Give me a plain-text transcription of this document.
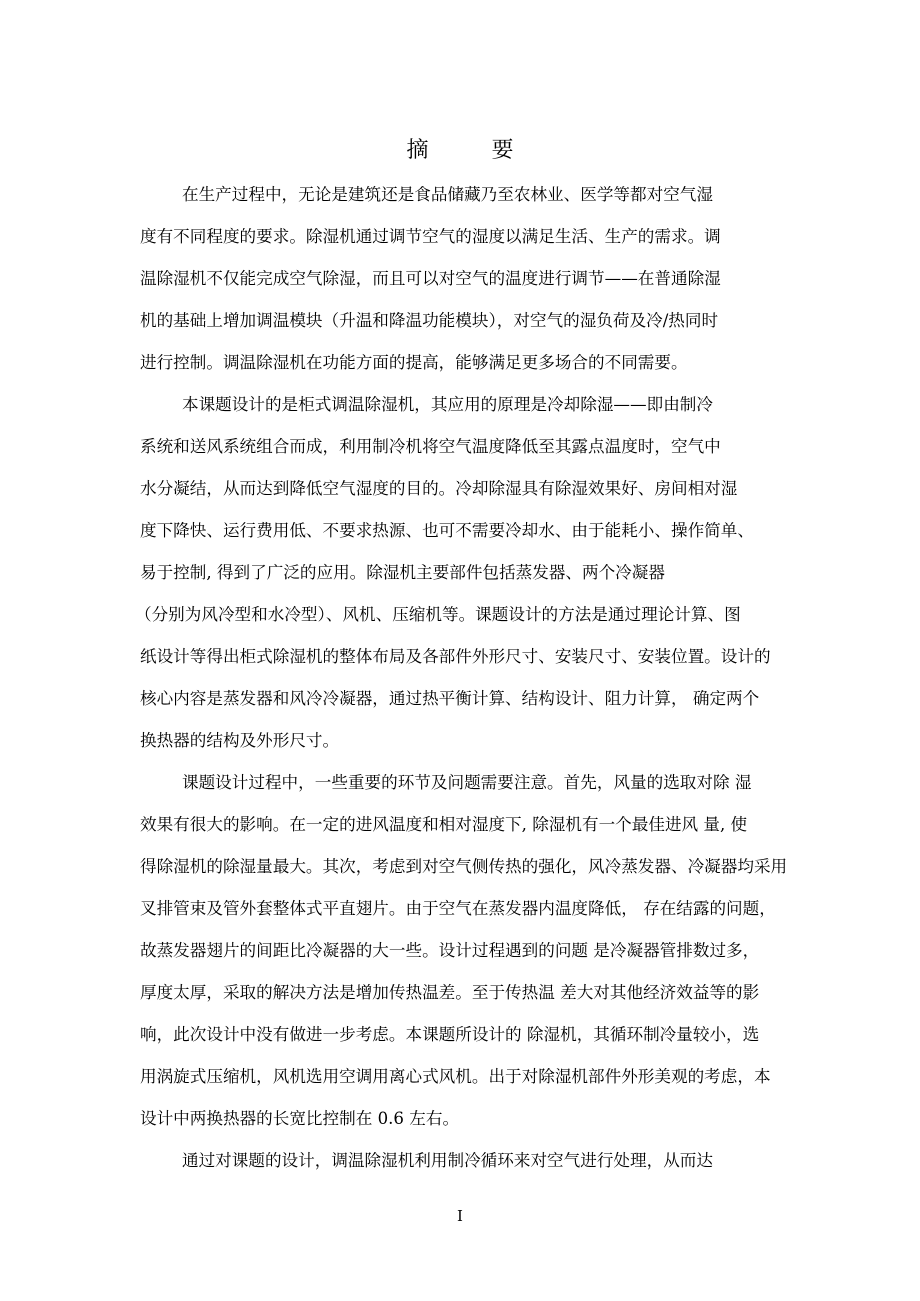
摘 要
在生产过程中，无论是建筑还是食品储藏乃至农林业、医学等都对空气湿
度有不同程度的要求。除湿机通过调节空气的湿度以满足生活、生产的需求。调
温除湿机不仅能完成空气除湿，而且可以对空气的温度进行调节——在普通除湿
机的基础上增加调温模块（升温和降温功能模块），对空气的湿负荷及冷/热同时
进行控制。调温除湿机在功能方面的提高，能够满足更多场合的不同需要。
本课题设计的是柜式调温除湿机，其应用的原理是冷却除湿——即由制冷
系统和送风系统组合而成，利用制冷机将空气温度降低至其露点温度时，空气中
水分凝结，从而达到降低空气湿度的目的。冷却除湿具有除湿效果好、房间相对湿
度下降快、运行费用低、不要求热源、也可不需要冷却水、由于能耗小、操作简单、
易于控制, 得到了广泛的应用。除湿机主要部件包括蒸发器、两个冷凝器
（分别为风冷型和水冷型）、风机、压缩机等。课题设计的方法是通过理论计算、图
纸设计等得出柜式除湿机的整体布局及各部件外形尺寸、安装尺寸、安装位置。设计的
核心内容是蒸发器和风冷冷凝器，通过热平衡计算、结构设计、阻力计算， 确定两个
换热器的结构及外形尺寸。
课题设计过程中，一些重要的环节及问题需要注意。首先，风量的选取对除 湿
效果有很大的影响。在一定的进风温度和相对湿度下, 除湿机有一个最佳进风 量, 使
得除湿机的除湿量最大。其次，考虑到对空气侧传热的强化，风冷蒸发器、冷凝器均采用
叉排管束及管外套整体式平直翅片。由于空气在蒸发器内温度降低， 存在结露的问题，
故蒸发器翅片的间距比冷凝器的大一些。设计过程遇到的问题 是冷凝器管排数过多，
厚度太厚，采取的解决方法是增加传热温差。至于传热温 差大对其他经济效益等的影
响，此次设计中没有做进一步考虑。本课题所设计的 除湿机，其循环制冷量较小，选
用涡旋式压缩机，风机选用空调用离心式风机。出于对除湿机部件外形美观的考虑，本
设计中两换热器的长宽比控制在 0.6 左右。
通过对课题的设计，调温除湿机利用制冷循环来对空气进行处理，从而达
I
